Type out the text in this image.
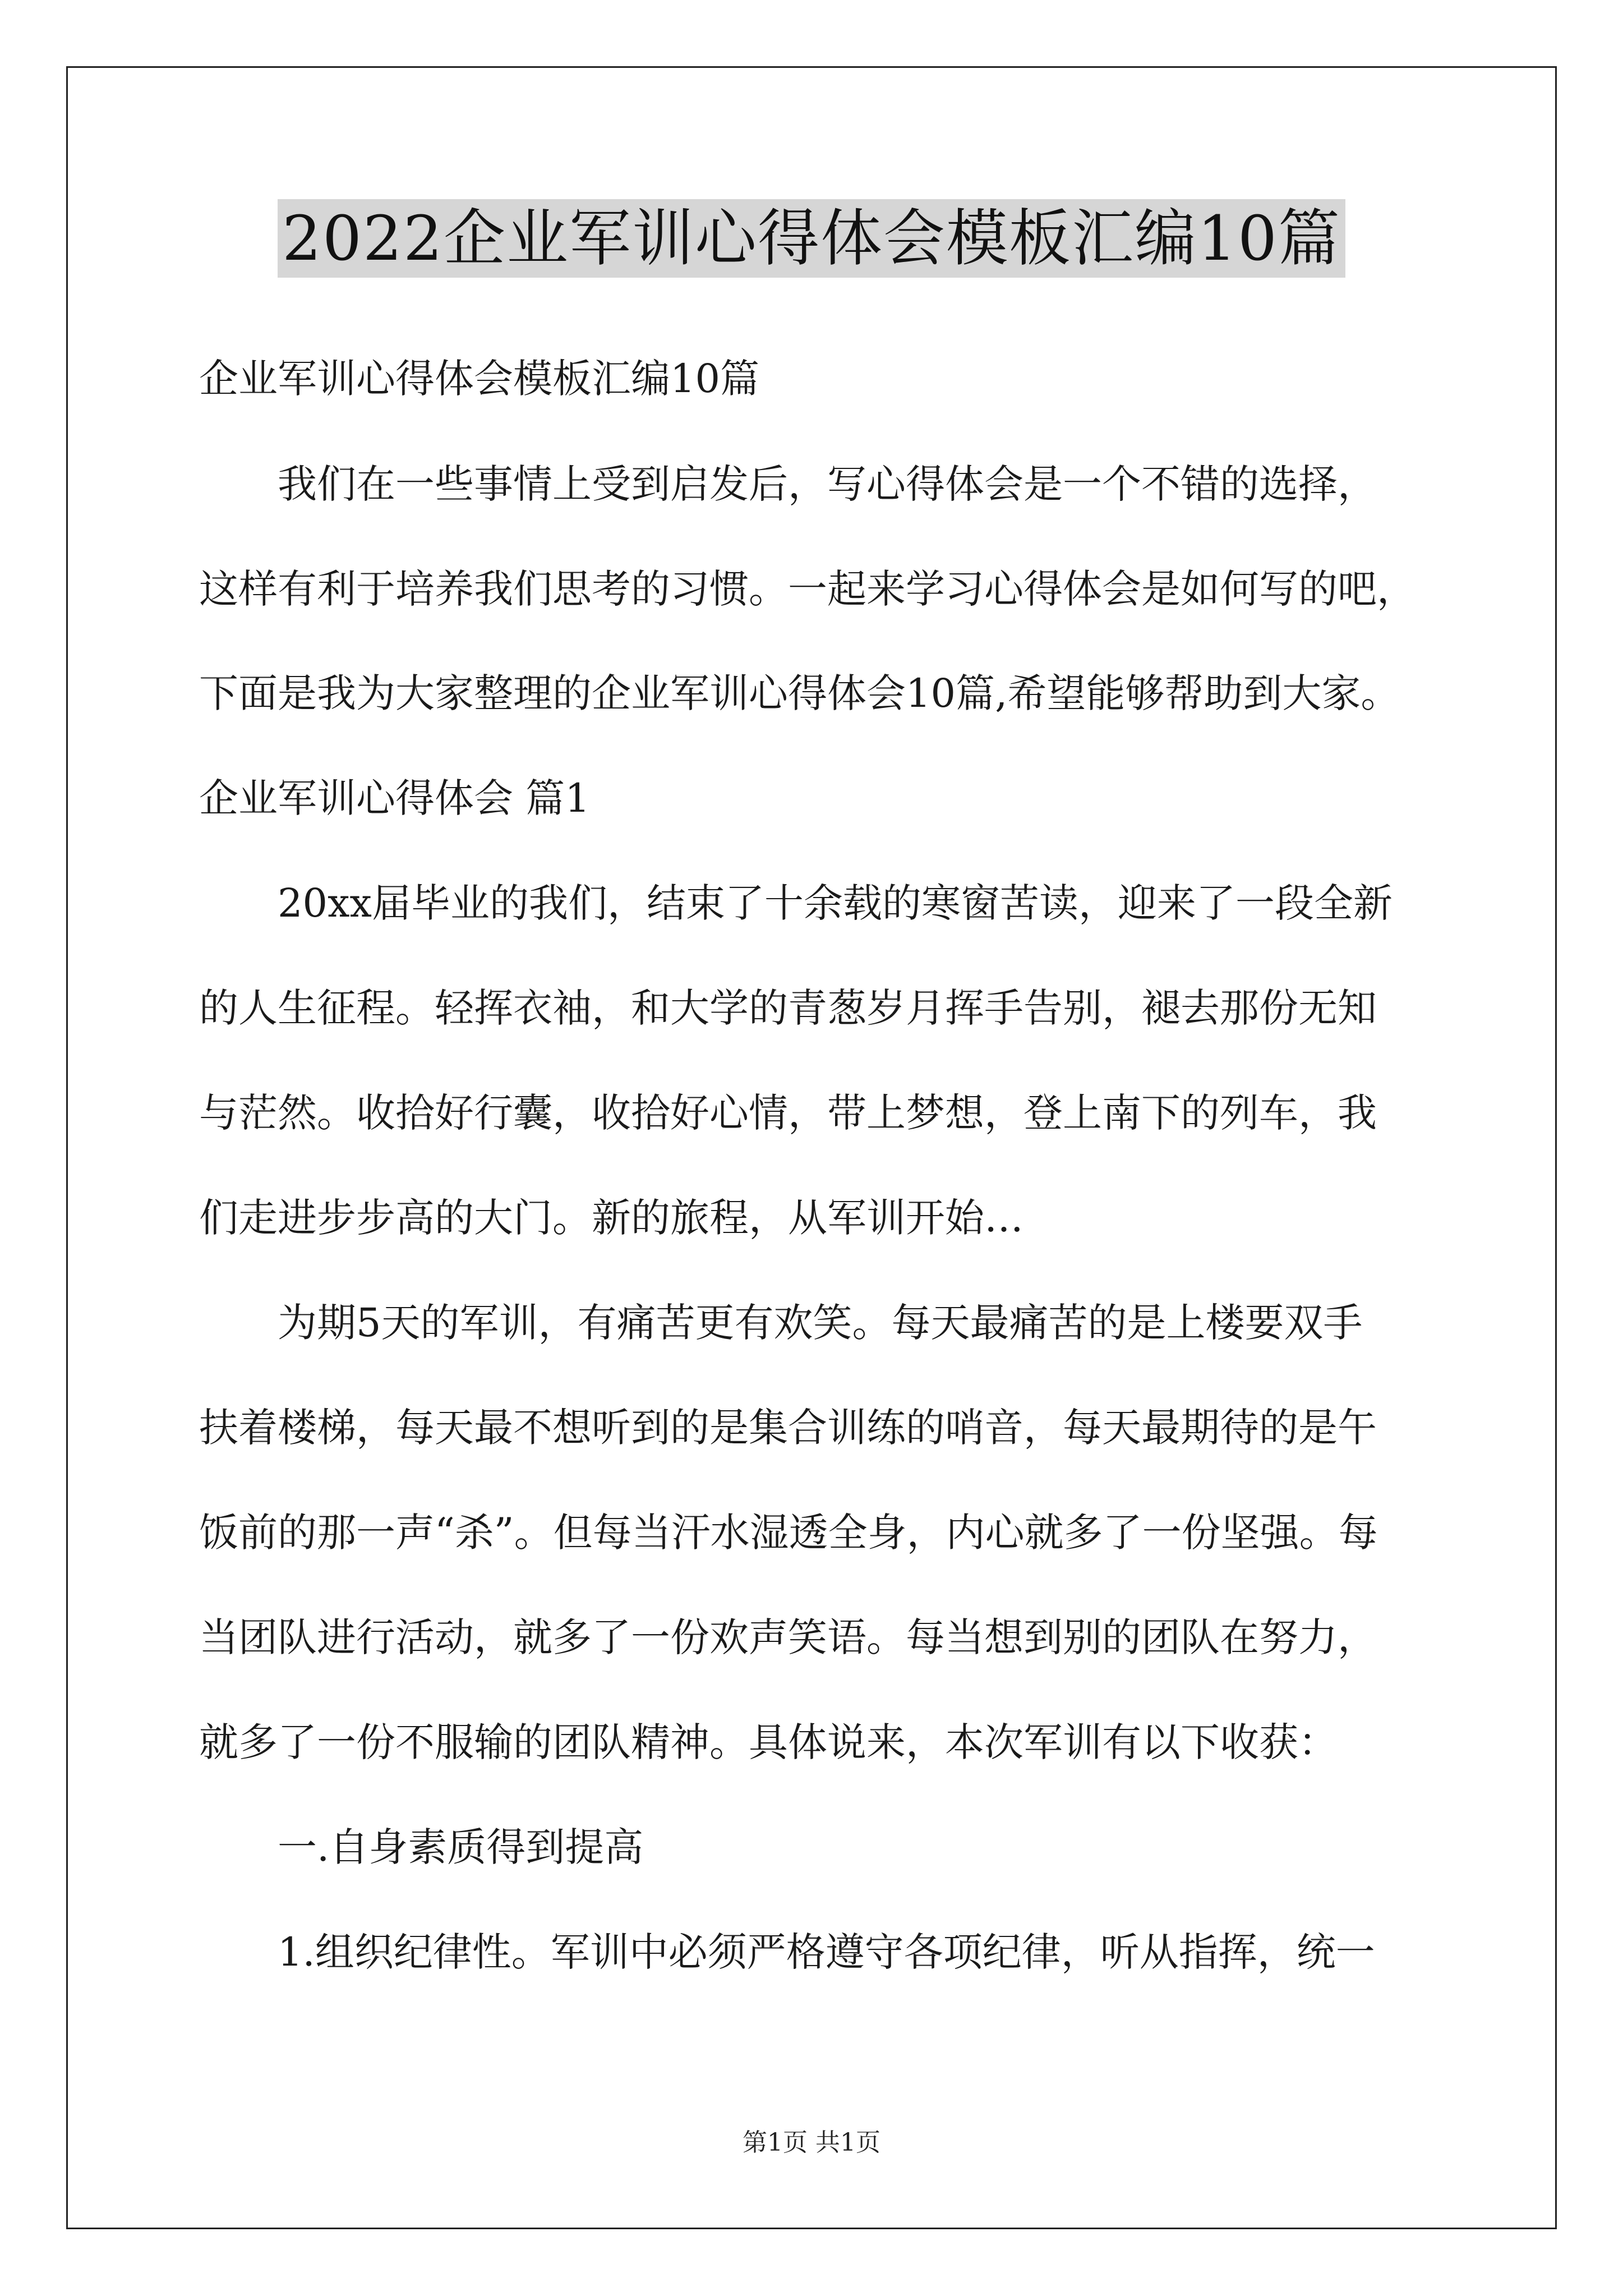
2022企业军训心得体会模板汇编10篇
企业军训心得体会模板汇编10篇
我们在一些事情上受到启发后，写心得体会是一个不错的选择，
这样有利于培养我们思考的习惯。一起来学习心得体会是如何写的吧，
下面是我为大家整理的企业军训心得体会10篇,希望能够帮助到大家。
企业军训心得体会 篇1
20xx届毕业的我们，结束了十余载的寒窗苦读，迎来了一段全新
的人生征程。轻挥衣袖，和大学的青葱岁月挥手告别，褪去那份无知
与茫然。收拾好行囊，收拾好心情，带上梦想，登上南下的列车，我
们走进步步高的大门。新的旅程，从军训开始…
为期5天的军训，有痛苦更有欢笑。每天最痛苦的是上楼要双手
扶着楼梯，每天最不想听到的是集合训练的哨音，每天最期待的是午
饭前的那一声“杀”。但每当汗水湿透全身，内心就多了一份坚强。每
当团队进行活动，就多了一份欢声笑语。每当想到别的团队在努力，
就多了一份不服输的团队精神。具体说来，本次军训有以下收获：
一.自身素质得到提高
1.组织纪律性。军训中必须严格遵守各项纪律，听从指挥，统一
第1页 共1页
